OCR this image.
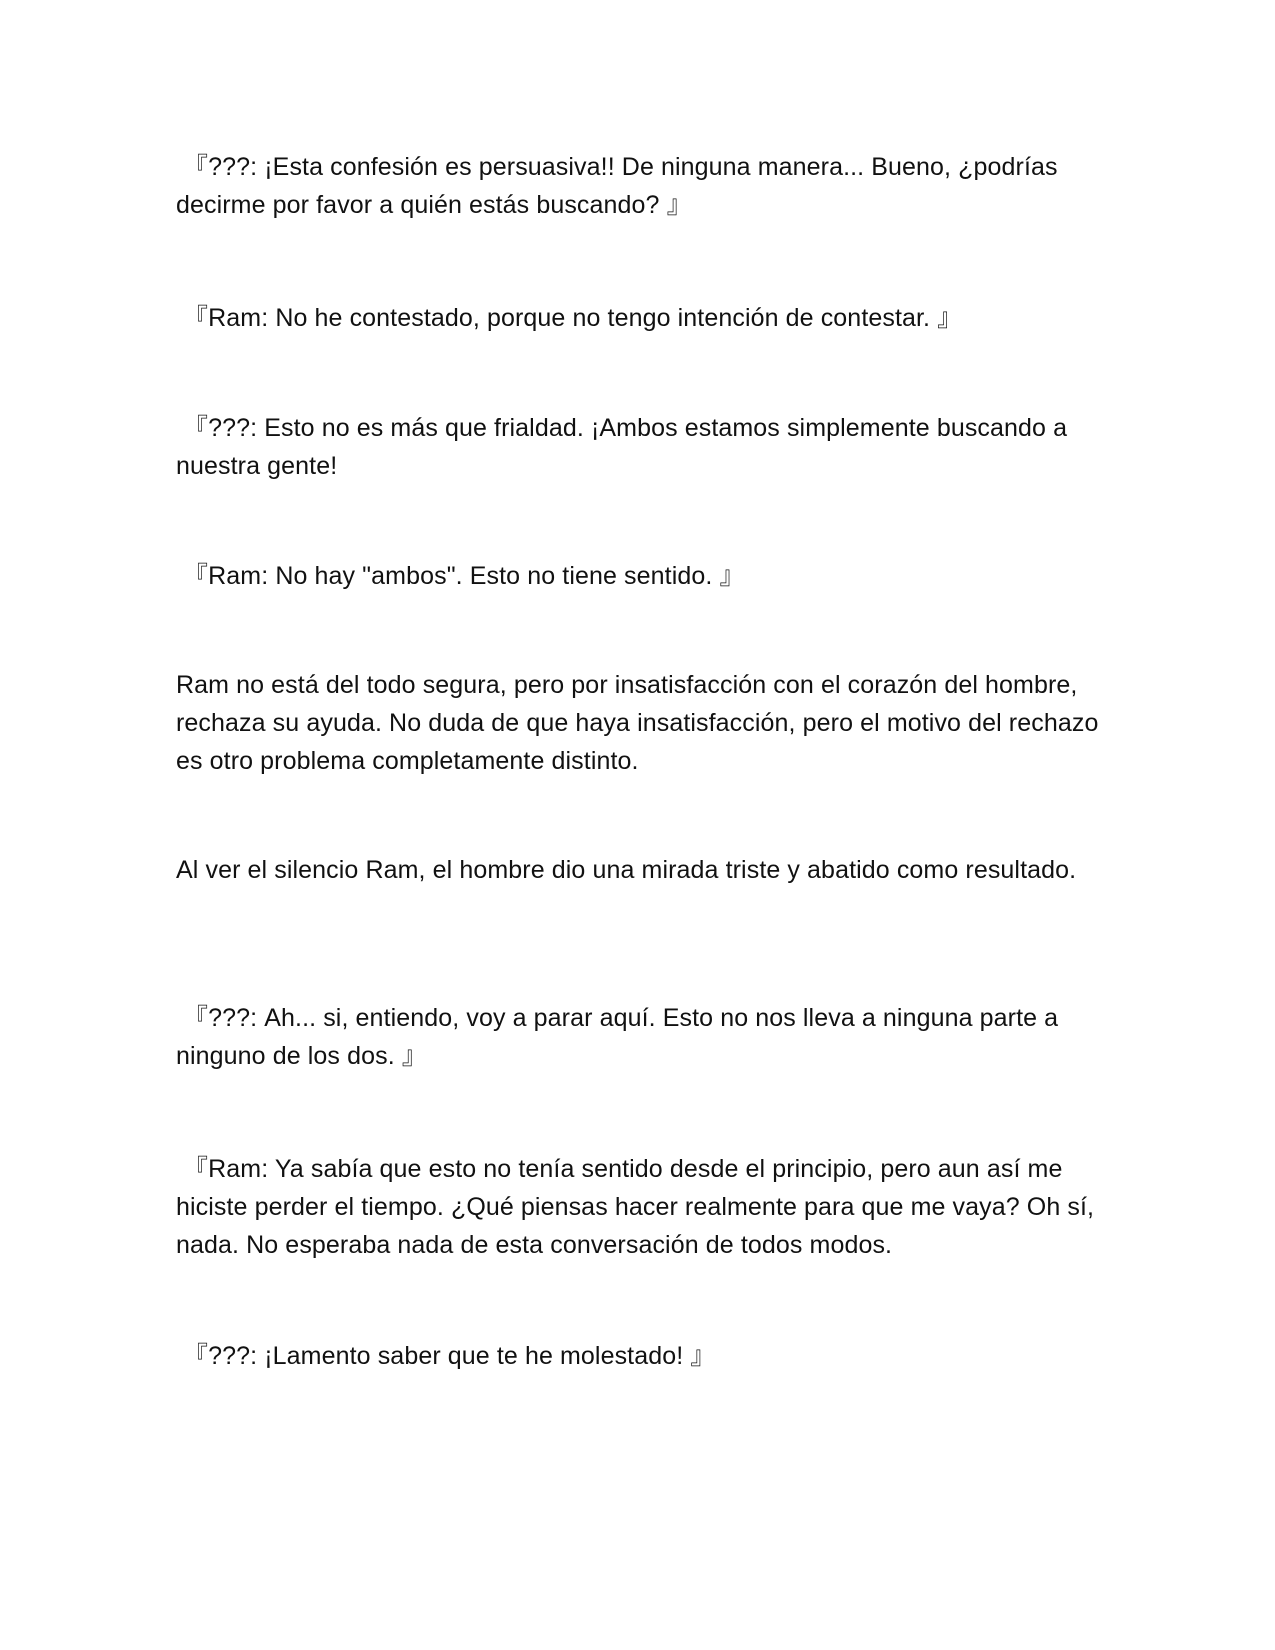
『???: ¡Esta confesión es persuasiva!! De ninguna manera... Bueno, ¿podrías decirme por favor a quién estás buscando? 』

『Ram: No he contestado, porque no tengo intención de contestar. 』

『???: Esto no es más que frialdad. ¡Ambos estamos simplemente buscando a nuestra gente!

『Ram: No hay "ambos". Esto no tiene sentido. 』

Ram no está del todo segura, pero por insatisfacción con el corazón del hombre, rechaza su ayuda. No duda de que haya insatisfacción, pero el motivo del rechazo es otro problema completamente distinto.

Al ver el silencio Ram, el hombre dio una mirada triste y abatido como resultado.

『???: Ah... si, entiendo, voy a parar aquí. Esto no nos lleva a ninguna parte a ninguno de los dos. 』

『Ram: Ya sabía que esto no tenía sentido desde el principio, pero aun así me hiciste perder el tiempo. ¿Qué piensas hacer realmente para que me vaya? Oh sí, nada. No esperaba nada de esta conversación de todos modos.

『???: ¡Lamento saber que te he molestado! 』
